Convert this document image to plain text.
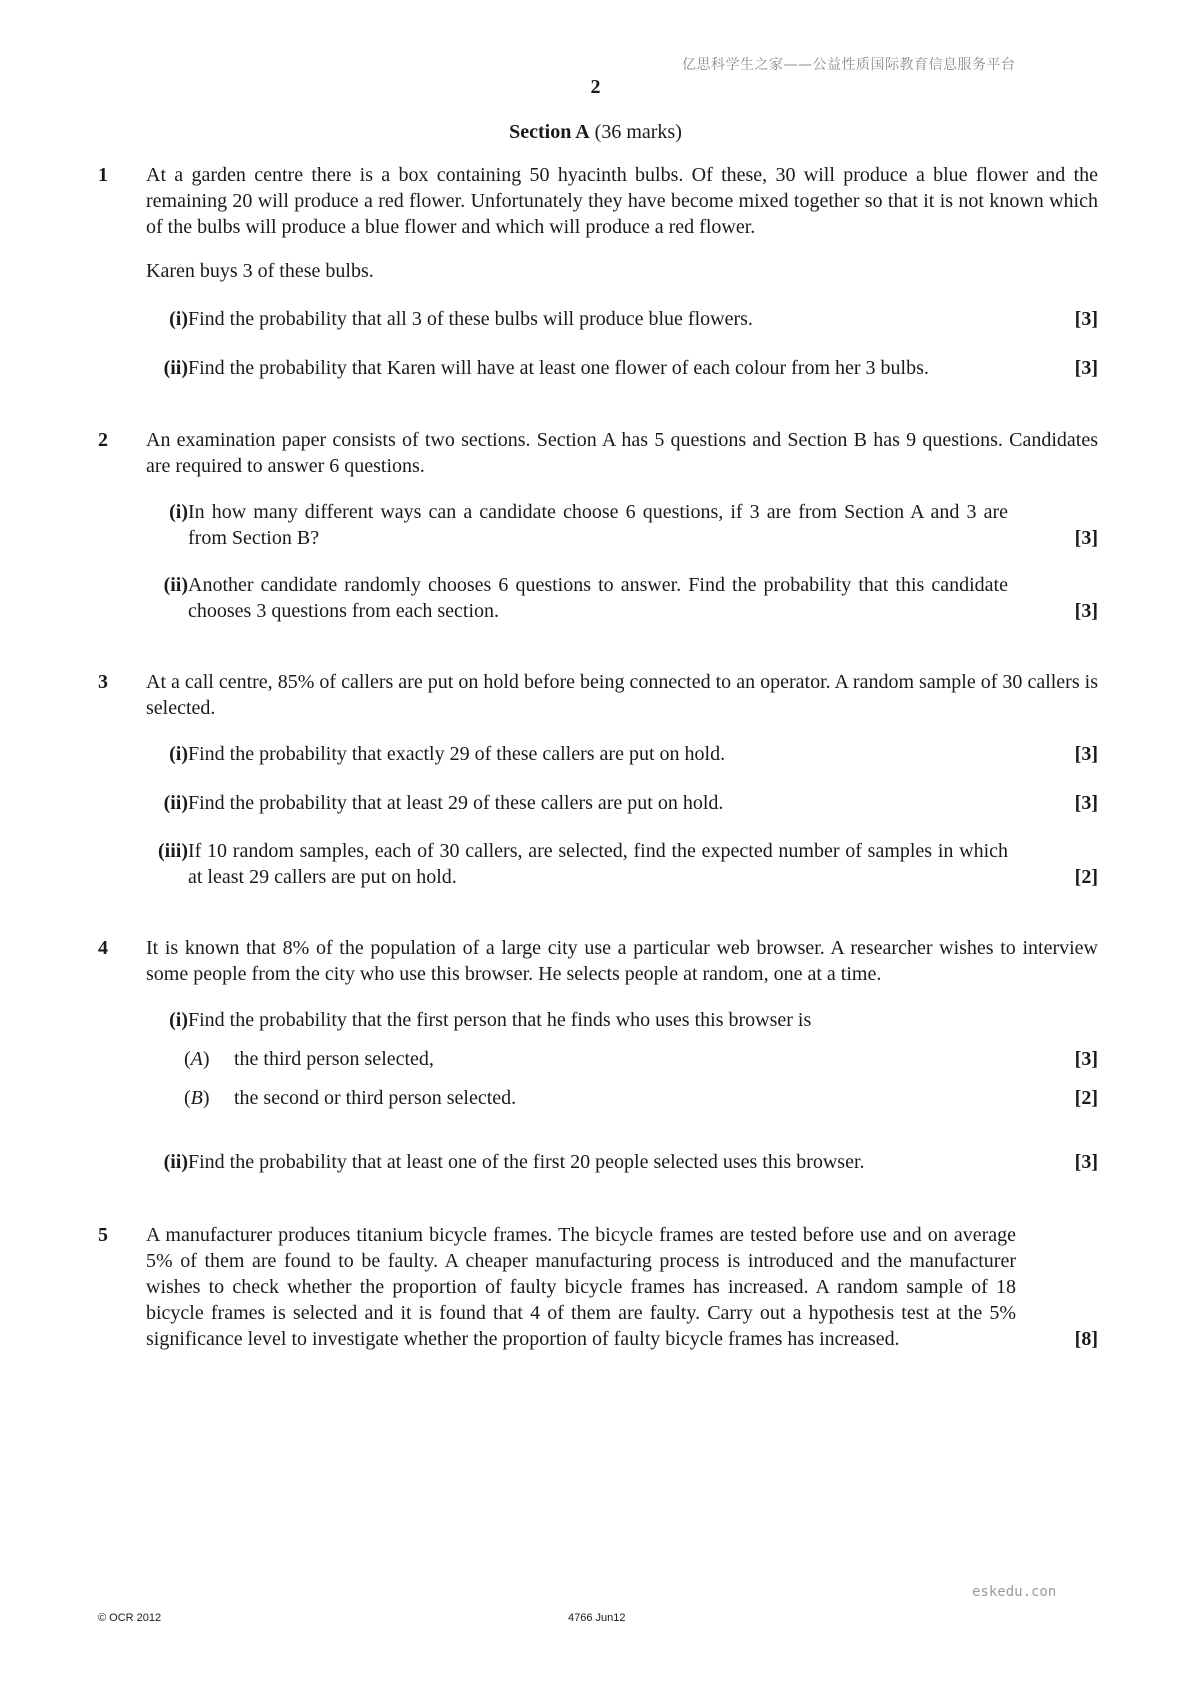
亿思科学生之家——公益性质国际教育信息服务平台
2
Section A (36 marks)
1	At a garden centre there is a box containing 50 hyacinth bulbs. Of these, 30 will produce a blue flower and the remaining 20 will produce a red flower. Unfortunately they have become mixed together so that it is not known which of the bulbs will produce a blue flower and which will produce a red flower.
Karen buys 3 of these bulbs.
(i) Find the probability that all 3 of these bulbs will produce blue flowers.	[3]
(ii) Find the probability that Karen will have at least one flower of each colour from her 3 bulbs.	[3]
2	An examination paper consists of two sections. Section A has 5 questions and Section B has 9 questions. Candidates are required to answer 6 questions.
(i) In how many different ways can a candidate choose 6 questions, if 3 are from Section A and 3 are from Section B?	[3]
(ii) Another candidate randomly chooses 6 questions to answer. Find the probability that this candidate chooses 3 questions from each section.	[3]
3	At a call centre, 85% of callers are put on hold before being connected to an operator. A random sample of 30 callers is selected.
(i) Find the probability that exactly 29 of these callers are put on hold.	[3]
(ii) Find the probability that at least 29 of these callers are put on hold.	[3]
(iii) If 10 random samples, each of 30 callers, are selected, find the expected number of samples in which at least 29 callers are put on hold.	[2]
4	It is known that 8% of the population of a large city use a particular web browser. A researcher wishes to interview some people from the city who use this browser. He selects people at random, one at a time.
(i) Find the probability that the first person that he finds who uses this browser is
(A)	the third person selected,	[3]
(B)	the second or third person selected.	[2]
(ii) Find the probability that at least one of the first 20 people selected uses this browser.	[3]
5	A manufacturer produces titanium bicycle frames. The bicycle frames are tested before use and on average 5% of them are found to be faulty. A cheaper manufacturing process is introduced and the manufacturer wishes to check whether the proportion of faulty bicycle frames has increased. A random sample of 18 bicycle frames is selected and it is found that 4 of them are faulty. Carry out a hypothesis test at the 5% significance level to investigate whether the proportion of faulty bicycle frames has increased.	[8]
eskedu.con
© OCR 2012	4766 Jun12
